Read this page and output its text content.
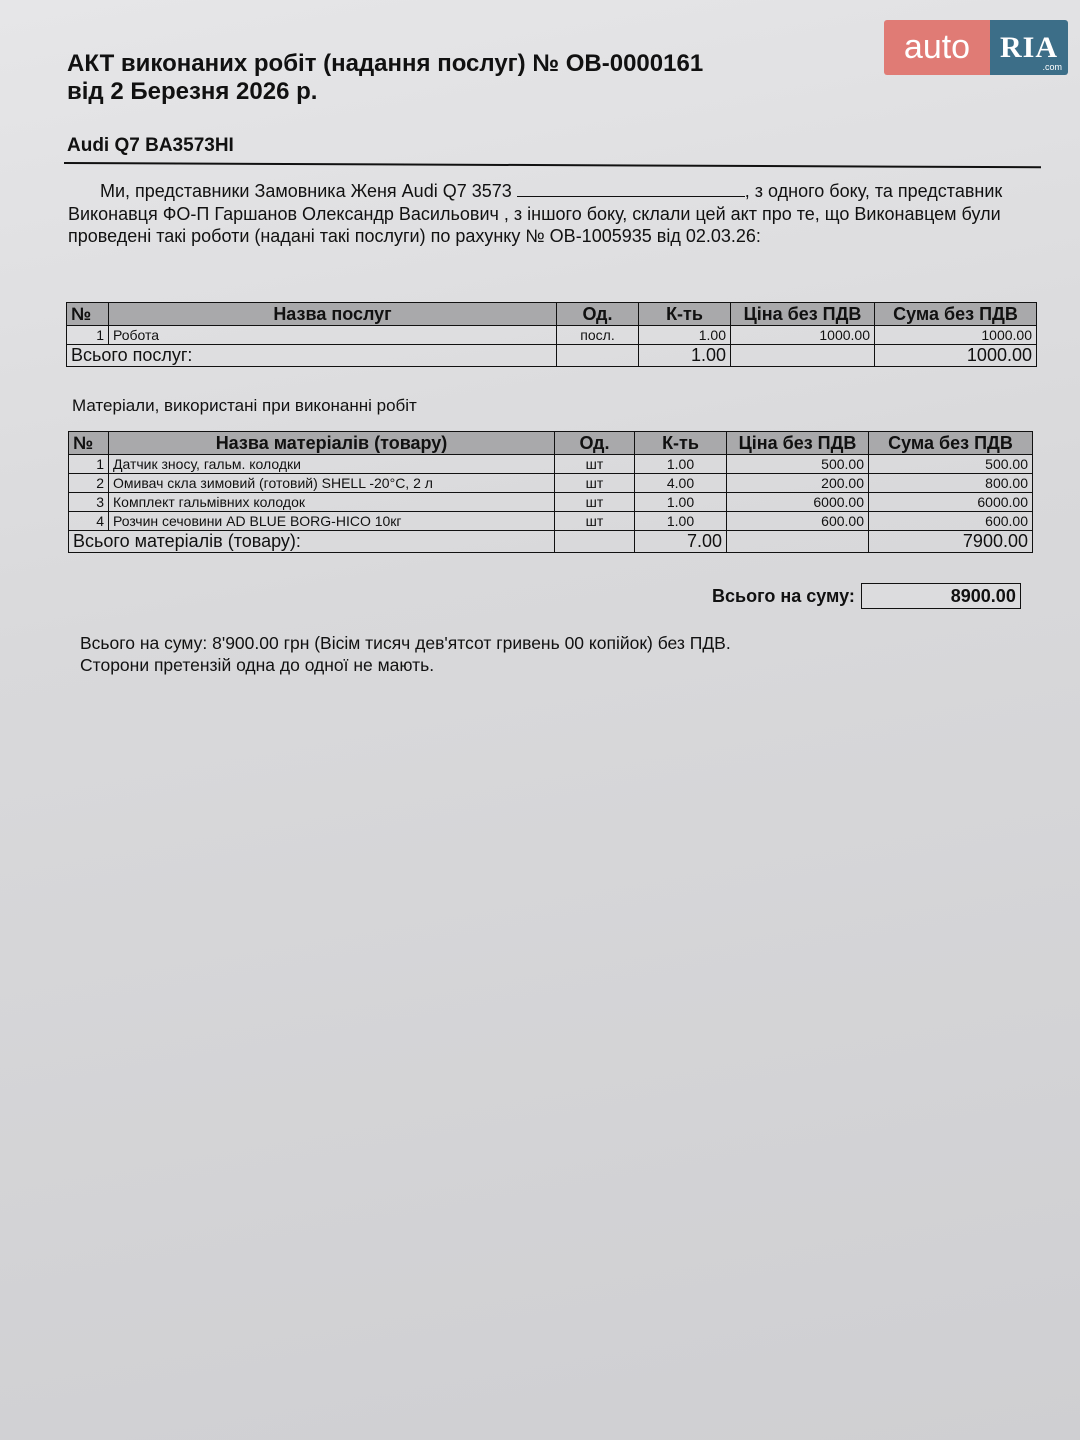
auto RIA
.com
АКТ виконаних робіт (надання послуг) № ОВ-0000161
від 2 Березня 2026 р.
Audi Q7 BA3573HI
Ми, представники Замовника Женя Audi Q7 3573	, з одного боку, та представник Виконавця ФО-П Гаршанов Олександр Васильович , з іншого боку, склали цей акт про те, що Виконавцем були проведені такі роботи (надані такі послуги) по рахунку № ОВ-1005935 від 02.03.26:
№	Назва послуг	Од.	К-ть	Ціна без ПДВ	Сума без ПДВ
1	Робота	посл.	1.00	1000.00	1000.00
Всього послуг:			1.00		1000.00
Матеріали, використані при виконанні робіт
№	Назва матеріалів (товару)	Од.	К-ть	Ціна без ПДВ	Сума без ПДВ
1	Датчик зносу, гальм. колодки	шт	1.00	500.00	500.00
2	Омивач скла зимовий (готовий) SHELL -20°C, 2 л	шт	4.00	200.00	800.00
3	Комплект гальмівних колодок	шт	1.00	6000.00	6000.00
4	Розчин сечовини AD BLUE BORG-HICO 10кг	шт	1.00	600.00	600.00
Всього матеріалів (товару):			7.00		7900.00
Всього на суму:	8900.00
Всього на суму: 8'900.00 грн (Вісім тисяч дев'ятсот гривень 00 копійок) без ПДВ.
Сторони претензій одна до одної не мають.
